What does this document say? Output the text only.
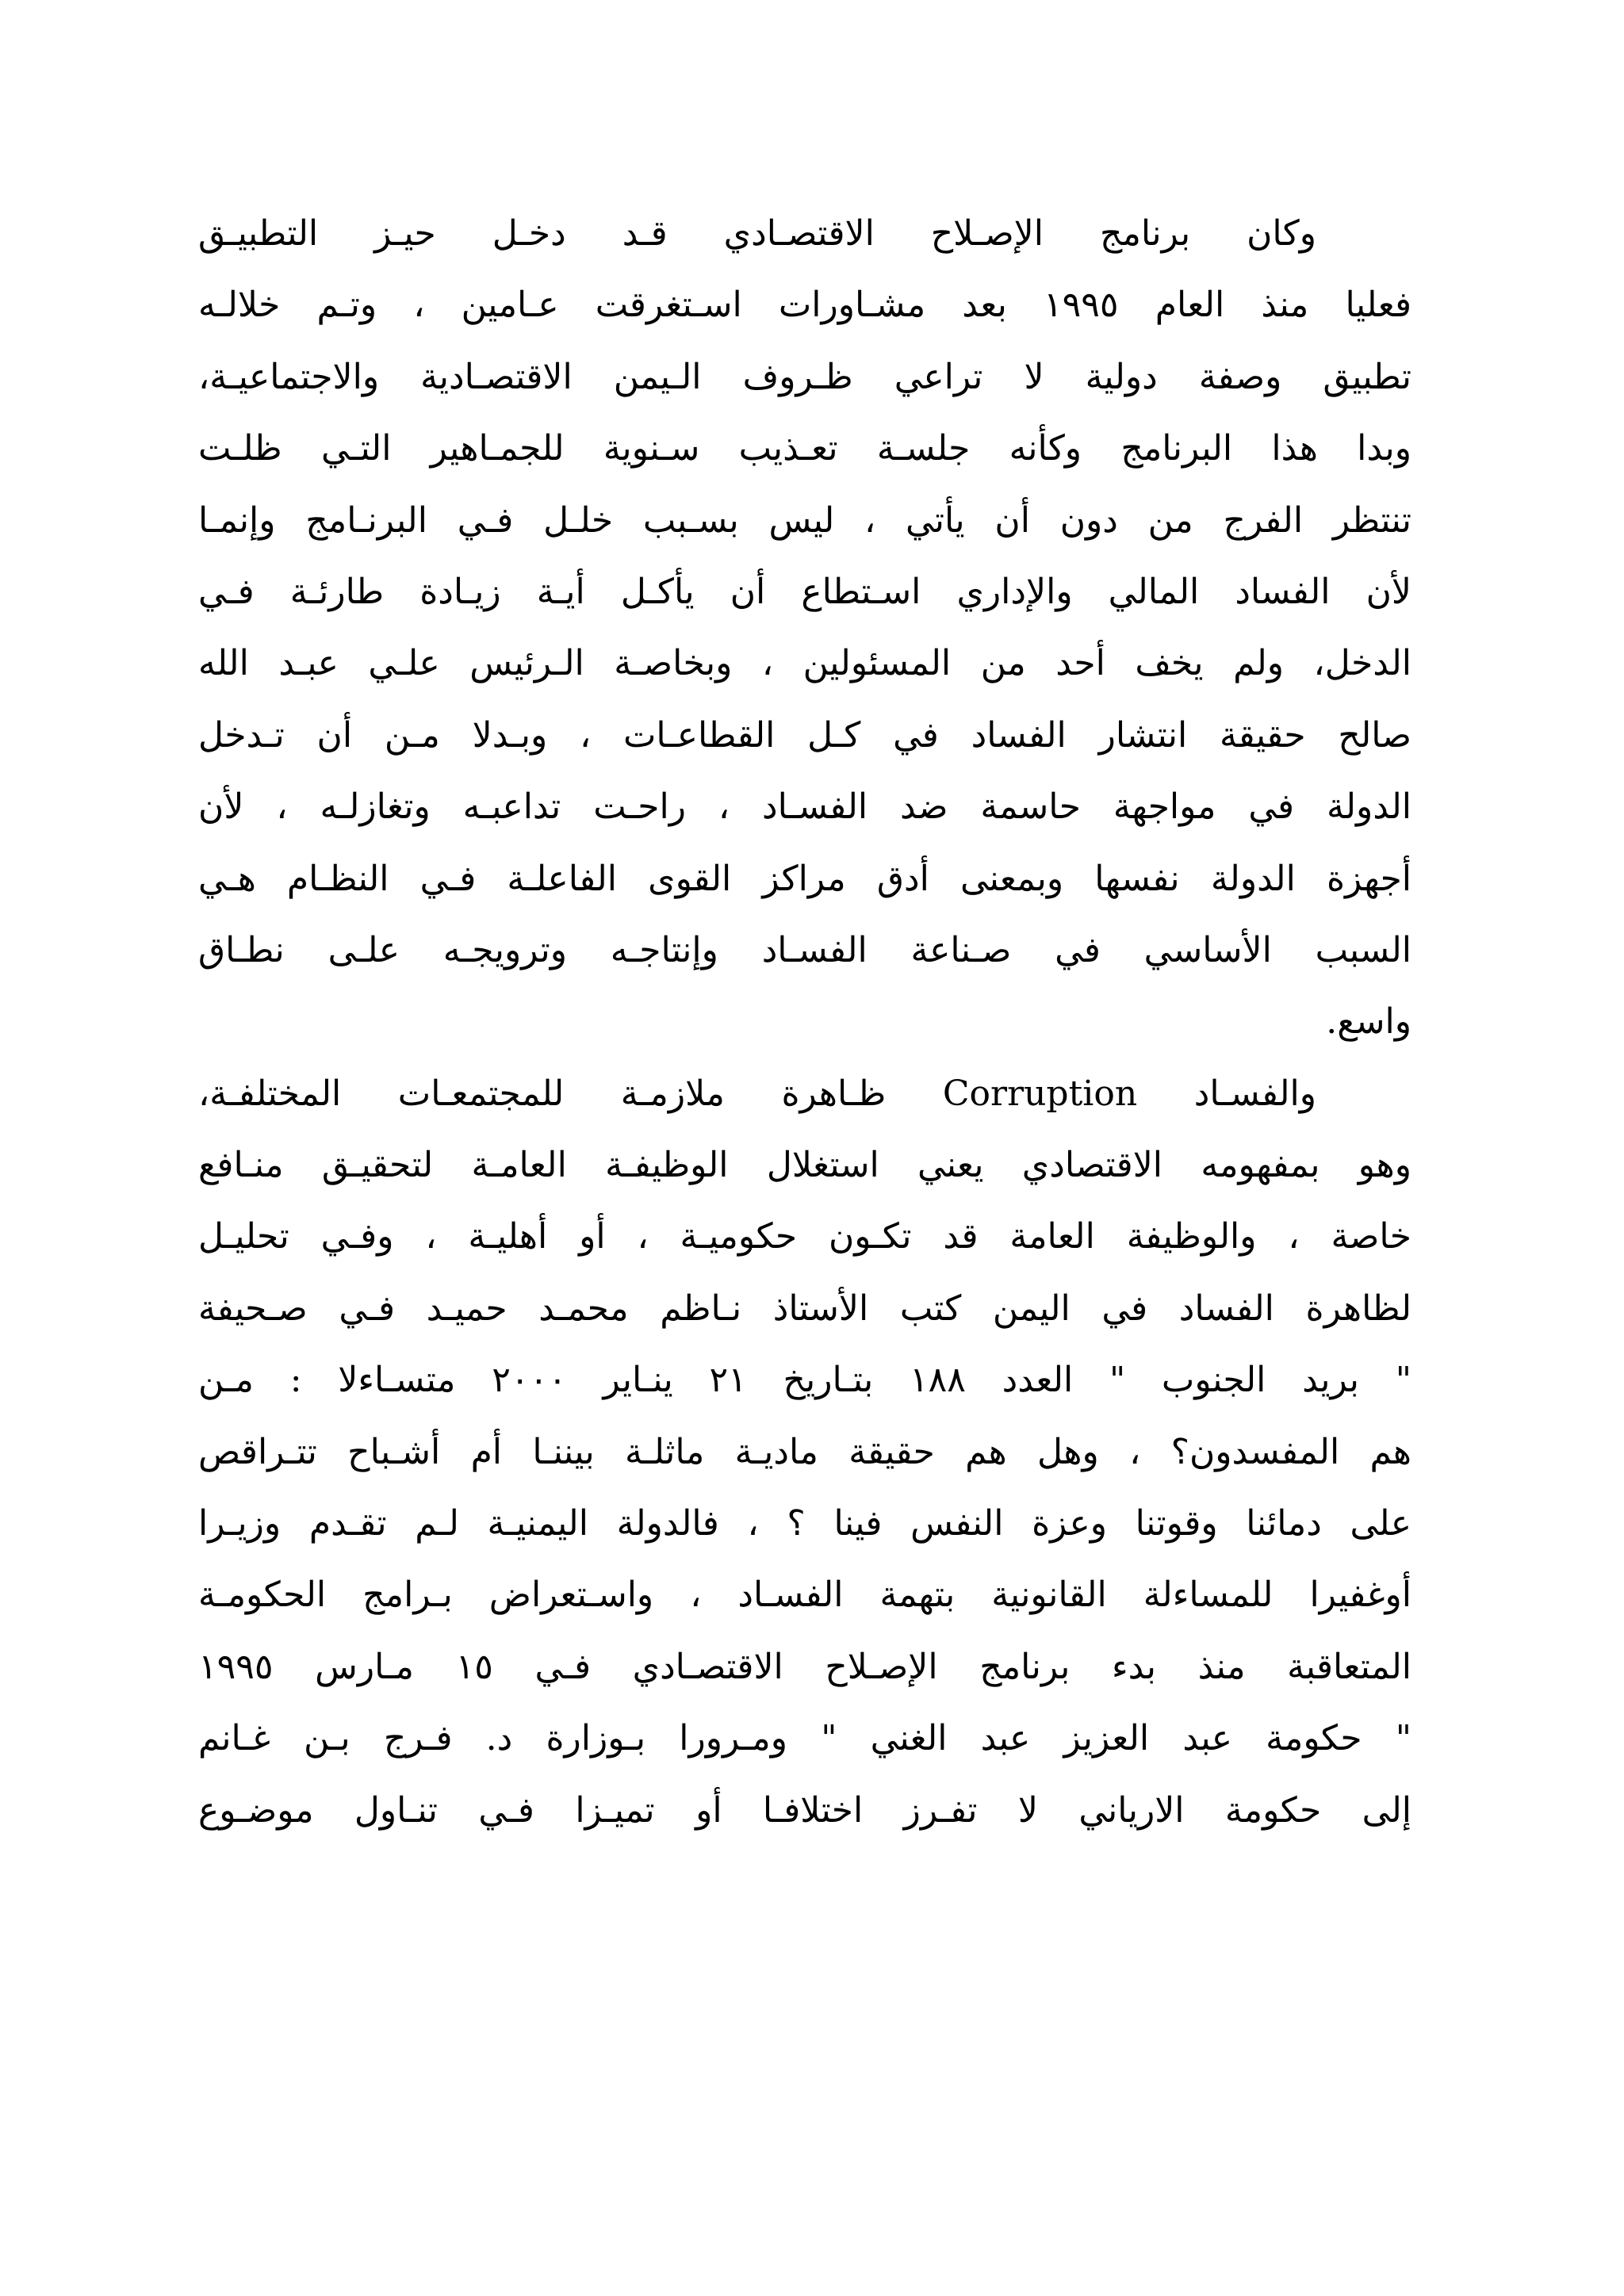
وكان برنامج الإصـلاح الاقتصـادي قـد دخـل حيـز التطبيـق
فعليا منذ العام ١٩٩٥ بعد مشـاورات اسـتغرقت عـامين ، وتـم خلالـه
تطبيق وصفة دولية لا تراعي ظـروف الـيمن الاقتصـادية والاجتماعيـة،
وبدا هذا البرنامج وكأنه جلسـة تعـذيب سـنوية للجمـاهير التـي ظلـت
تنتظر الفرج من دون أن يأتي ، ليس بسـبب خلـل فـي البرنـامج وإنمـا
لأن الفساد المالي والإداري اسـتطاع أن يأكـل أيـة زيـادة طارئـة فـي
الدخل، ولم يخف أحد من المسئولين ، وبخاصـة الـرئيس علـي عبـد الله
صالح حقيقة انتشار الفساد في كـل القطاعـات ، وبـدلا مـن أن تـدخل
الدولة في مواجهة حاسمة ضد الفسـاد ، راحـت تداعبـه وتغازلـه ، لأن
أجهزة الدولة نفسها وبمعنى أدق مراكز القوى الفاعلـة فـي النظـام هـي
السبب الأساسي في صـناعة الفسـاد وإنتاجـه وترويجـه علـى نطـاق
واسع.
والفسـاد Corruption ظـاهرة ملازمـة للمجتمعـات المختلفـة،
وهو بمفهومه الاقتصادي يعني استغلال الوظيفـة العامـة لتحقيـق منـافع
خاصة ، والوظيفة العامة قد تكـون حكوميـة ، أو أهليـة ، وفـي تحليـل
لظاهرة الفساد في اليمن كتب الأستاذ نـاظم محمـد حميـد فـي صـحيفة
" بريد الجنوب " العدد ١٨٨ بتـاريخ ٢١ ينـاير ٢٠٠٠ متسـاءلا : مـن
هم المفسدون؟ ، وهل هم حقيقة ماديـة ماثلـة بيننـا أم أشـباح تتـراقص
على دمائنا وقوتنا وعزة النفس فينا ؟ ، فالدولة اليمنيـة لـم تقـدم وزيـرا
أوغفيرا للمساءلة القانونية بتهمة الفسـاد ، واسـتعراض بـرامج الحكومـة
المتعاقبة منذ بدء برنامج الإصـلاح الاقتصـادي فـي ١٥ مـارس ١٩٩٥
" حكومة عبد العزيز عبد الغني " ومـرورا بـوزارة د. فـرج بـن غـانم
إلى حكومة الارياني لا تفـرز اختلافـا أو تميـزا فـي تنـاول موضـوع
